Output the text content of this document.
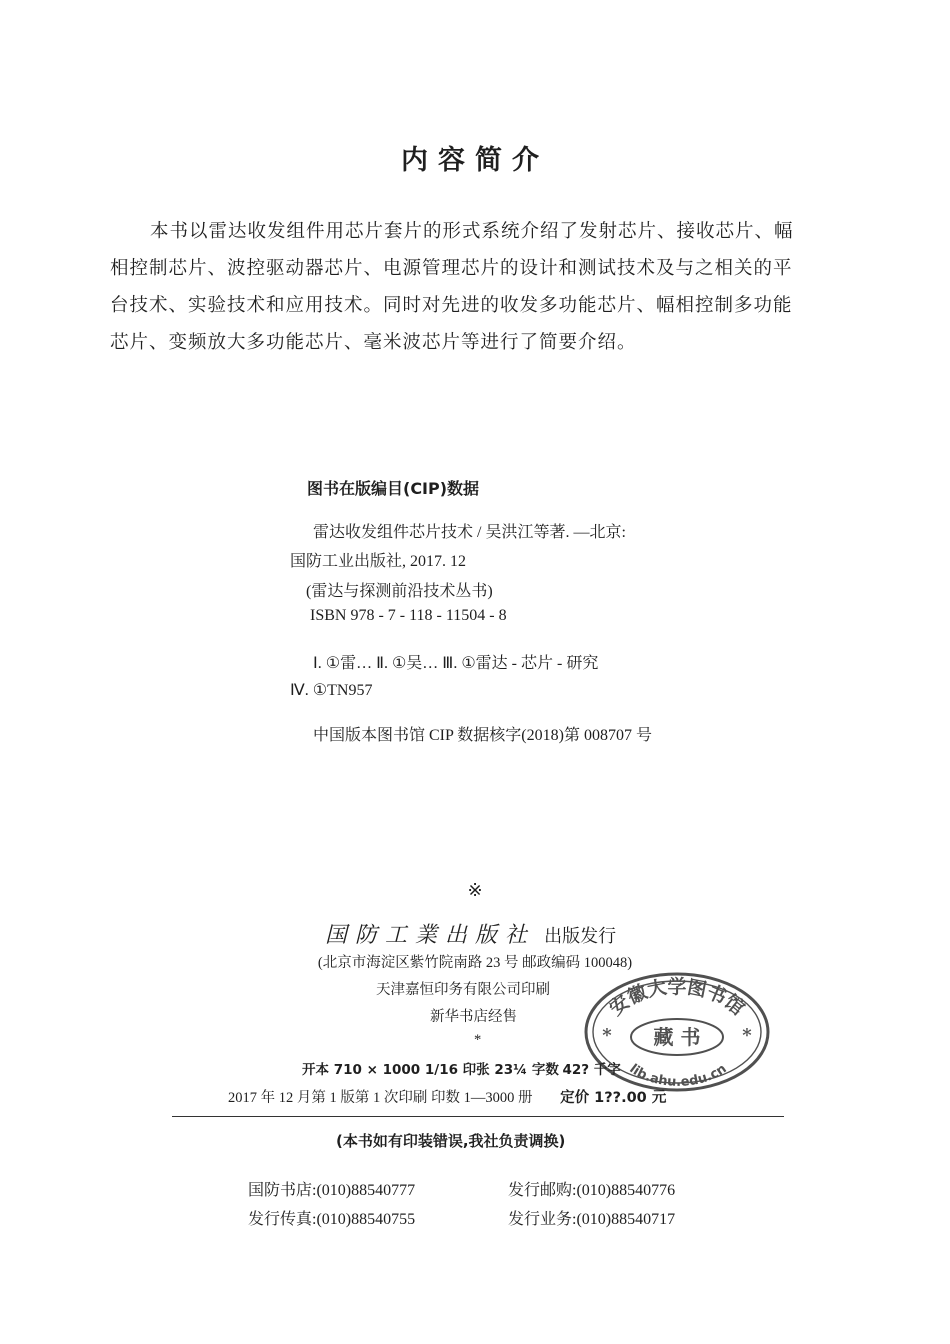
内容简介
本书以雷达收发组件用芯片套片的形式系统介绍了发射芯片、接收芯片、幅
相控制芯片、波控驱动器芯片、电源管理芯片的设计和测试技术及与之相关的平
台技术、实验技术和应用技术。同时对先进的收发多功能芯片、幅相控制多功能
芯片、变频放大多功能芯片、毫米波芯片等进行了简要介绍。
图书在版编目(CIP)数据
雷达收发组件芯片技术 / 吴洪江等著. —北京:
国防工业出版社, 2017. 12
(雷达与探测前沿技术丛书)
ISBN 978 - 7 - 118 - 11504 - 8
Ⅰ. ①雷… Ⅱ. ①吴… Ⅲ. ①雷达 - 芯片 - 研究
Ⅳ. ①TN957
中国版本图书馆 CIP 数据核字(2018)第 008707 号
※
国防工業出版社 出版发行
(北京市海淀区紫竹院南路 23 号 邮政编码 100048)
天津嘉恒印务有限公司印刷
新华书店经售
*
开本 710 × 1000 1/16 印张 23¼ 字数 42? 千字
2017 年 12 月第 1 版第 1 次印刷 印数 1—3000 册 定价 1??.00 元
(本书如有印装错误,我社负责调换)
国防书店:(010)88540777	发行邮购:(010)88540776
发行传真:(010)88540755	发行业务:(010)88540717
安徽大学图书馆
藏 书
lib.ahu.edu.cn
*	*
